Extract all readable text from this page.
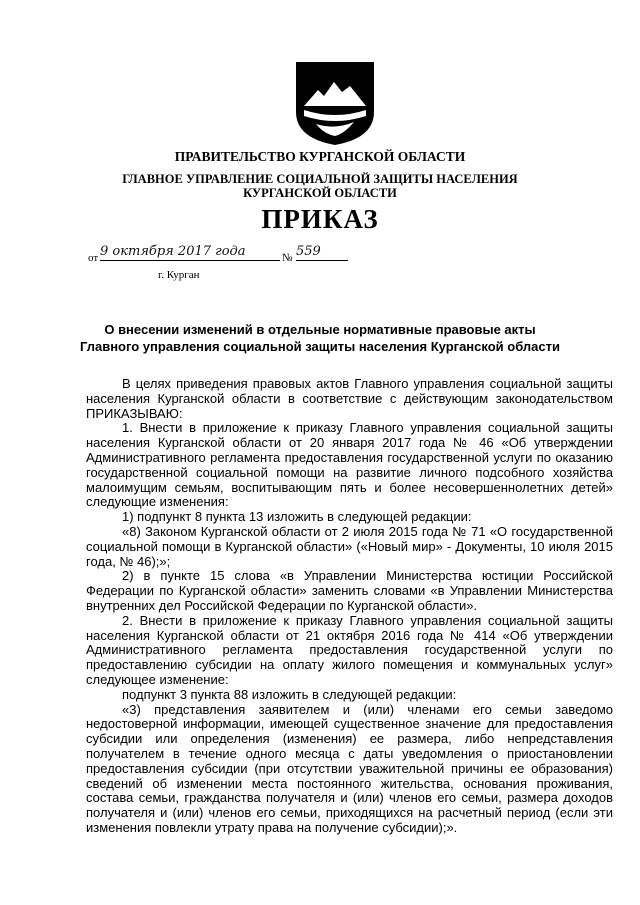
ПРАВИТЕЛЬСТВО КУРГАНСКОЙ ОБЛАСТИ
ГЛАВНОЕ УПРАВЛЕНИЕ СОЦИАЛЬНОЙ ЗАЩИТЫ НАСЕЛЕНИЯ
КУРГАНСКОЙ ОБЛАСТИ
ПРИКАЗ
от 9 октября 2017 года	№ 559
г. Курган
О внесении изменений в отдельные нормативные правовые акты
Главного управления социальной защиты населения Курганской области

В целях приведения правовых актов Главного управления социальной защиты населения Курганской области в соответствие с действующим законодательством ПРИКАЗЫВАЮ:

1. Внести в приложение к приказу Главного управления социальной защиты населения Курганской области от 20 января 2017 года № 46 «Об утверждении Административного регламента предоставления государственной услуги по оказанию государственной социальной помощи на развитие личного подсобного хозяйства малоимущим семьям, воспитывающим пять и более несовершеннолетних детей» следующие изменения:

1) подпункт 8 пункта 13 изложить в следующей редакции:

«8) Законом Курганской области от 2 июля 2015 года № 71 «О государственной социальной помощи в Курганской области» («Новый мир» - Документы, 10 июля 2015 года, № 46);»;

2) в пункте 15 слова «в Управлении Министерства юстиции Российской Федерации по Курганской области» заменить словами «в Управлении Министерства внутренних дел Российской Федерации по Курганской области».

2. Внести в приложение к приказу Главного управления социальной защиты населения Курганской области от 21 октября 2016 года № 414 «Об утверждении Административного регламента предоставления государственной услуги по предоставлению субсидии на оплату жилого помещения и коммунальных услуг» следующее изменение:

подпункт 3 пункта 88 изложить в следующей редакции:

«3) представления заявителем и (или) членами его семьи заведомо недостоверной информации, имеющей существенное значение для предоставления субсидии или определения (изменения) ее размера, либо непредставления получателем в течение одного месяца с даты уведомления о приостановлении предоставления субсидии (при отсутствии уважительной причины ее образования) сведений об изменении места постоянного жительства, основания проживания, состава семьи, гражданства получателя и (или) членов его семьи, размера доходов получателя и (или) членов его семьи, приходящихся на расчетный период (если эти изменения повлекли утрату права на получение субсидии);».
